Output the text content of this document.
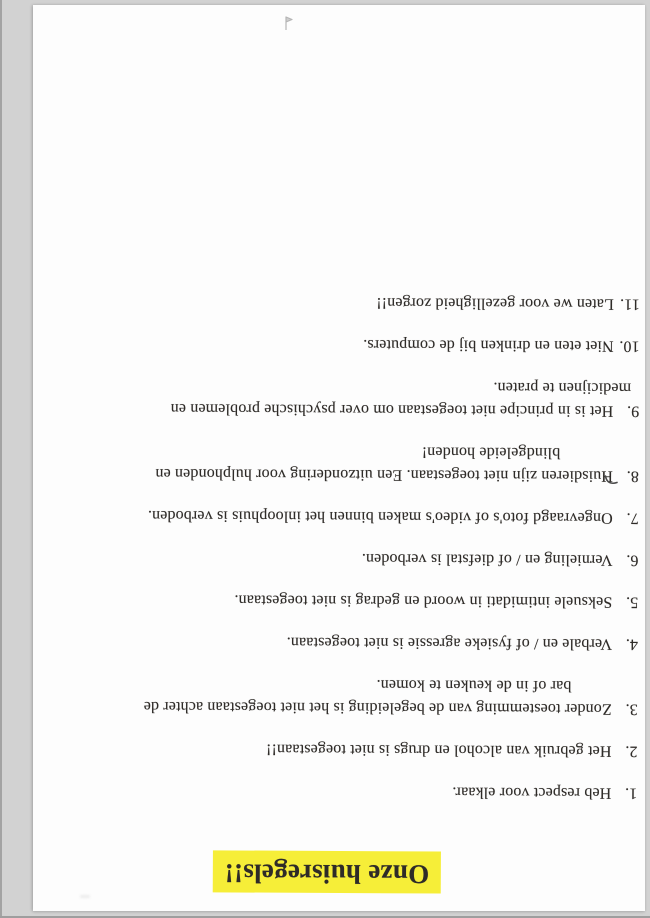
Onze huisregels!!
1.Heb respect voor elkaar.
2.Het gebruik van alcohol en drugs is niet toegestaan!!
3.Zonder toestemming van de begeleiding is het niet toegestaan achter de
bar of in de keuken te komen.
4.Verbale en / of fysieke agressie is niet toegestaan.
5.Seksuele intimidati in woord en gedrag is niet toegestaan.
6.Vernieling en / of diefstal is verboden.
7.Ongevraagd foto's of video's maken binnen het inloophuis is verboden.
8.Huisdieren zijn niet toegestaan. Een uitzondering voor hulphonden en
blindgeleide honden!
9.Het is in principe niet toegestaan om over psychische problemen en
medicijnen te praten.
10.Niet eten en drinken bij de computers.
11.Laten we voor gezelligheid zorgen!!
